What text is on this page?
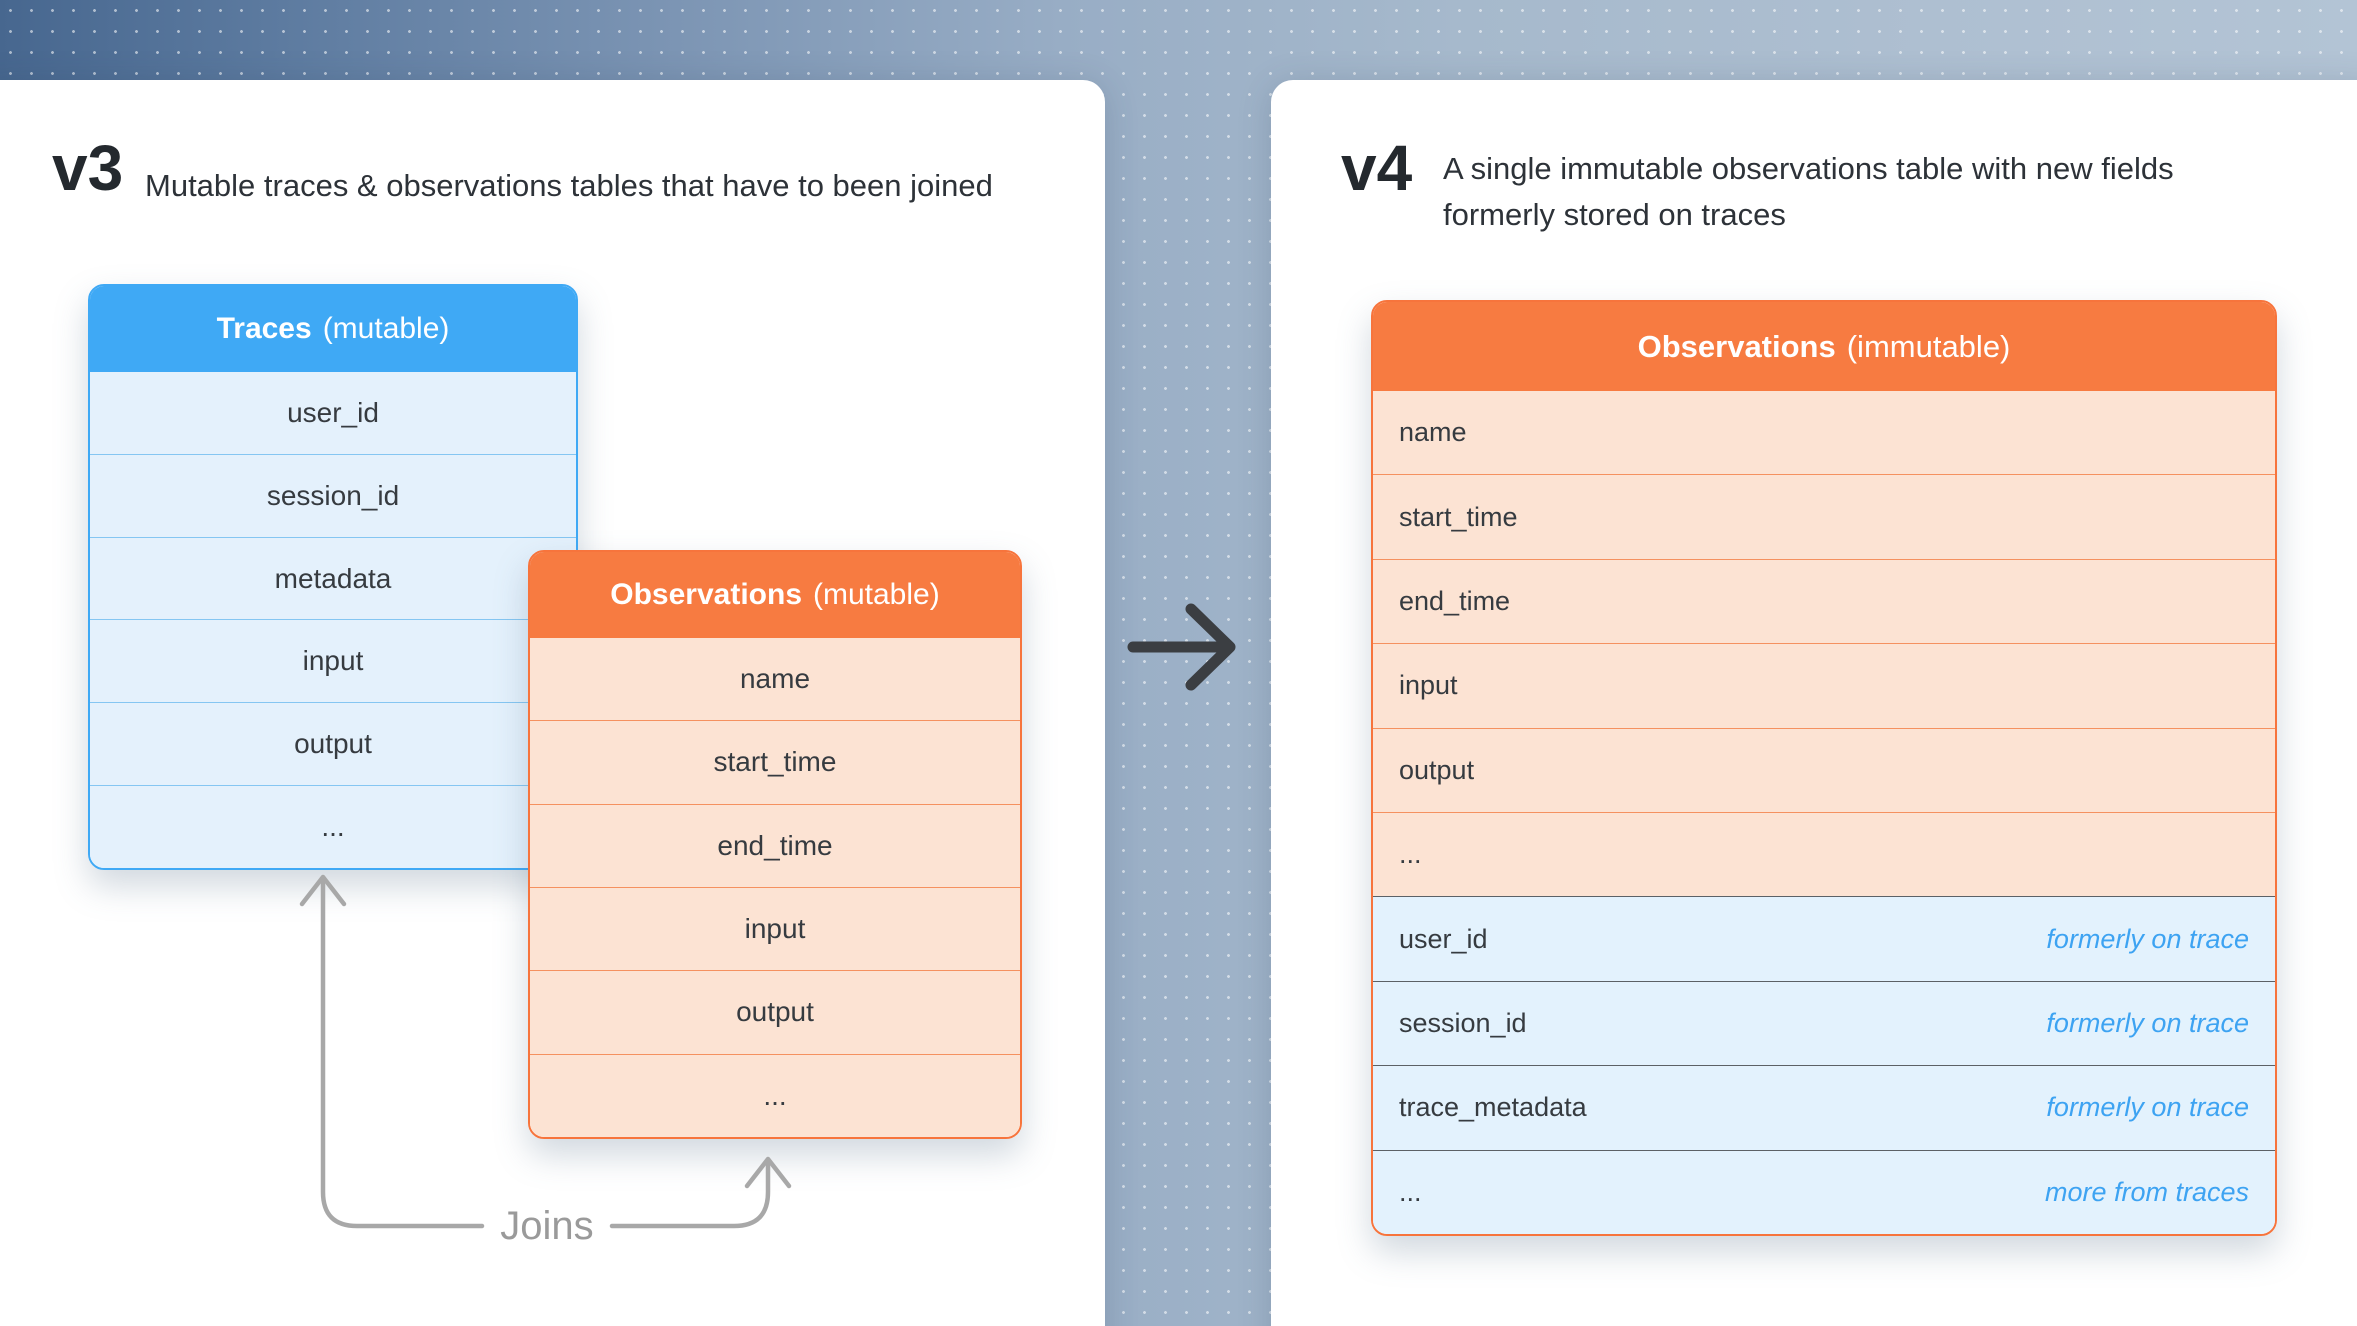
v3 Mutable traces & observations tables that have to been joined	v4 A single immutable observations table with new fields
formerly stored on traces
Traces (mutable)
user_id
session_id
metadata
input
output
...
Observations (mutable)
name
start_time
end_time
input
output
...
Joins
Observations (immutable)
name
start_time
end_time
input
output
...
user_id	formerly on trace
session_id	formerly on trace
trace_metadata	formerly on trace
...	more from traces
